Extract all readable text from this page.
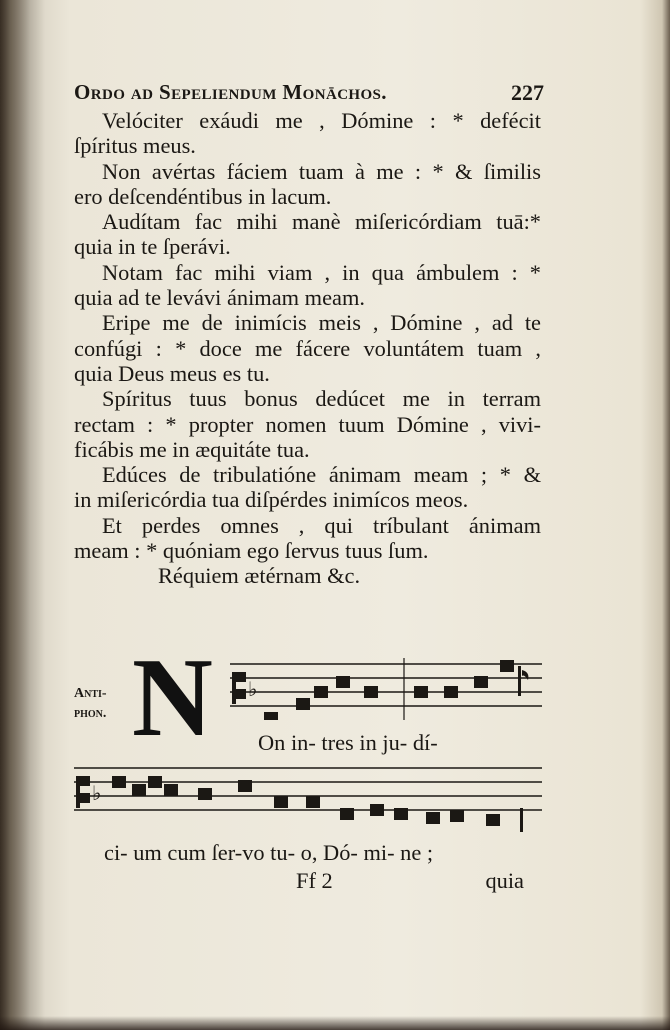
Ordo ad Sepeliendum Monāchos.	227
Velóciter exáudi me , Dómine : * defécit
ſpíritus meus.
Non avértas fáciem tuam à me : * & ſimilis
ero deſcendéntibus in lacum.
Audítam fac mihi manè miſericórdiam tuā:*
quia in te ſperávi.
Notam fac mihi viam , in qua ámbulem : *
quia ad te levávi ánimam meam.
Eripe me de inimícis meis , Dómine , ad te
confúgi : * doce me fácere voluntátem tuam ,
quia Deus meus es tu.
Spíritus tuus bonus dedúcet me in terram
rectam : * propter nomen tuum Dómine , vivi-
ficábis me in æquitáte tua.
Edúces de tribulatióne ánimam meam ; * &
in miſericórdia tua diſpérdes inimícos meos.
Et perdes omnes , qui tríbulant ánimam
meam : * quóniam ego ſervus tuus ſum.
Réquiem ætérnam &c.
Anti-
phon. N ♭
On in- tres in ju- dí-
♭
ci- um cum ſer-vo tu- o, Dó- mi- ne ;
Ff 2	quia
